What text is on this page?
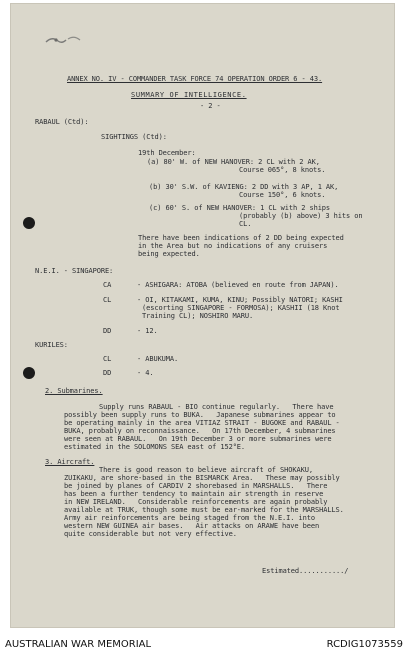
ANNEX NO. IV - COMMANDER TASK FORCE 74 OPERATION ORDER 6 - 43.
SUMMARY OF INTELLIGENCE.
- 2 -
RABAUL (Ctd):
SIGHTINGS (Ctd):
19th December:
(a) 80' W. of NEW HANOVER: 2 CL with 2 AK,
Course 065°, 8 knots.
(b) 30' S.W. of KAVIENG: 2 DD with 3 AP, 1 AK,
Course 150°, 6 knots.
(c) 60' S. of NEW HANOVER: 1 CL with 2 ships
(probably (b) above) 3 hits on
CL.
There have been indications of 2 DD being expected
in the Area but no indications of any cruisers
being expected.
N.E.I. - SINGAPORE:
CA	- ASHIGARA: ATOBA (believed en route from JAPAN).
CL	- OI, KITAKAMI, KUMA, KINU; Possibly NATORI; KASHI
(escorting SINGAPORE - FORMOSA); KASHII (18 Knot
Training CL); NOSHIRO MARU.
DD	- 12.
KURILES:
CL	- ABUKUMA.
DD	- 4.
2. Submarines.
Supply runs RABAUL - BIO continue regularly.   There have
possibly been supply runs to BUKA.   Japanese submarines appear to
be operating mainly in the area VITIAZ STRAIT - BUGOKE and RABAUL -
BUKA, probably on reconnaissance.   On 17th December, 4 submarines
were seen at RABAUL.   On 19th December 3 or more submarines were
estimated in the SOLOMONS SEA east of 152°E.
3. Aircraft.
There is good reason to believe aircraft of SHOKAKU,
ZUIKAKU, are shore-based in the BISMARCK Area.   These may possibly
be joined by planes of CARDIV 2 shorebased in MARSHALLS.   There
has been a further tendency to maintain air strength in reserve
in NEW IRELAND.   Considerable reinforcements are again probably
available at TRUK, though some must be ear-marked for the MARSHALLS.
Army air reinforcements are being staged from the N.E.I. into
western NEW GUINEA air bases.   Air attacks on ARAWE have been
quite considerable but not very effective.
Estimated.........../
AUSTRALIAN WAR MEMORIAL	RCDIG1073559
